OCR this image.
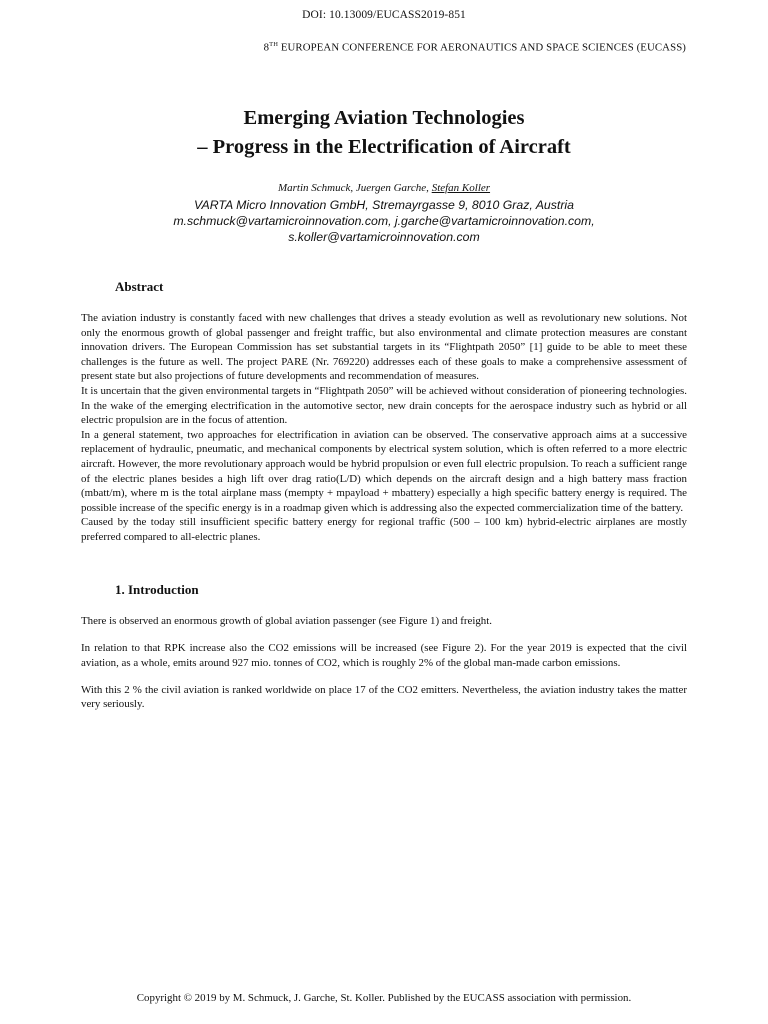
DOI: 10.13009/EUCASS2019-851
8TH EUROPEAN CONFERENCE FOR AERONAUTICS AND SPACE SCIENCES (EUCASS)
Emerging Aviation Technologies
– Progress in the Electrification of Aircraft
Martin Schmuck, Juergen Garche, Stefan Koller
VARTA Micro Innovation GmbH, Stremayrgasse 9, 8010 Graz, Austria
m.schmuck@vartamicroinnovation.com, j.garche@vartamicroinnovation.com,
s.koller@vartamicroinnovation.com
Abstract

The aviation industry is constantly faced with new challenges that drives a steady evolution as well as revolutionary new solutions. Not only the enormous growth of global passenger and freight traffic, but also environmental and climate protection measures are constant innovation drivers. The European Commission has set substantial targets in its “Flightpath 2050” [1] guide to be able to meet these challenges is the future as well. The project PARE (Nr. 769220) addresses each of these goals to make a comprehensive assessment of present state but also projections of future developments and recommendation of measures.

It is uncertain that the given environmental targets in “Flightpath 2050” will be achieved without consideration of pioneering technologies. In the wake of the emerging electrification in the automotive sector, new drain concepts for the aerospace industry such as hybrid or all electric propulsion are in the focus of attention.

In a general statement, two approaches for electrification in aviation can be observed. The conservative approach aims at a successive replacement of hydraulic, pneumatic, and mechanical components by electrical system solution, which is often referred to a more electric aircraft. However, the more revolutionary approach would be hybrid propulsion or even full electric propulsion. To reach a sufficient range of the electric planes besides a high lift over drag ratio(L/D) which depends on the aircraft design and a high battery mass fraction (mbatt/m), where m is the total airplane mass (mempty + mpayload + mbattery) especially a high specific battery energy is required. The possible increase of the specific energy is in a roadmap given which is addressing also the expected commercialization time of the battery.

Caused by the today still insufficient specific battery energy for regional traffic (500 – 100 km) hybrid-electric airplanes are mostly preferred compared to all-electric planes.

1. Introduction

There is observed an enormous growth of global aviation passenger (see Figure 1) and freight.

In relation to that RPK increase also the CO2 emissions will be increased (see Figure 2). For the year 2019 is expected that the civil aviation, as a whole, emits around 927 mio. tonnes of CO2, which is roughly 2% of the global man-made carbon emissions.

With this 2 % the civil aviation is ranked worldwide on place 17 of the CO2 emitters. Nevertheless, the aviation industry takes the matter very seriously.

Copyright © 2019 by M. Schmuck, J. Garche, St. Koller. Published by the EUCASS association with permission.
